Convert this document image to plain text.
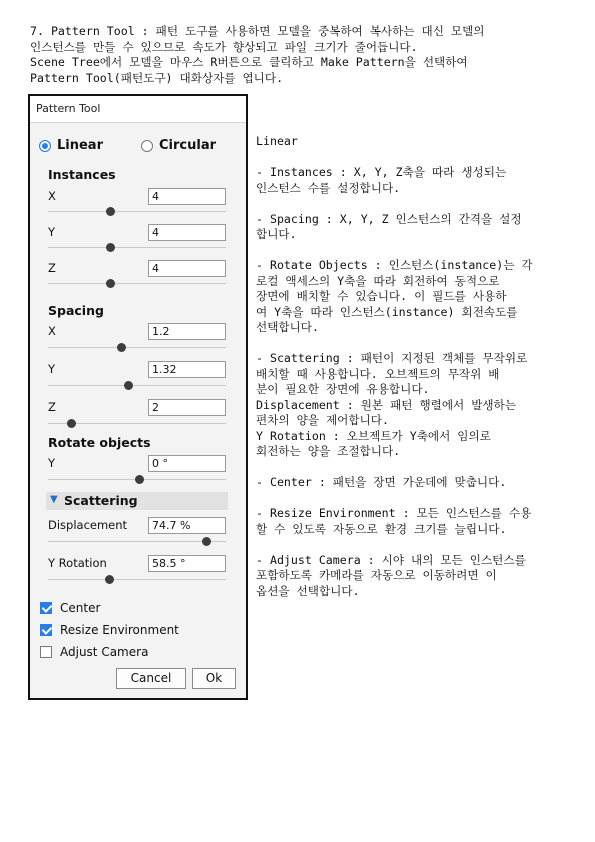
7. Pattern Tool : 패턴 도구를 사용하면 모델을 중복하여 복사하는 대신 모델의

인스턴스를 만들 수 있으므로 속도가 향상되고 파일 크기가 줄어듭니다.

Scene Tree에서 모델을 마우스 R버튼으로 클릭하고 Make Pattern을 선택하여

Pattern Tool(패턴도구) 대화상자를 엽니다.

Pattern Tool
Linear	Circular
Instances
X	4
Y	4
Z	4
Spacing
X	1.2
Y	1.32
Z	2
Rotate objects
Y	0 °
▼ Scattering
Displacement	74.7 %
Y Rotation	58.5 °
Center
Resize Environment
Adjust Camera
Cancel	Ok

Linear

- Instances : X, Y, Z축을 따라 생성되는

인스턴스 수를 설정합니다.

- Spacing : X, Y, Z 인스턴스의 간격을 설정

합니다.

- Rotate Objects : 인스턴스(instance)는 각

로컬 액세스의 Y축을 따라 회전하여 동적으로

장면에 배치할 수 있습니다. 이 필드를 사용하

여 Y축을 따라 인스턴스(instance) 회전속도를

선택합니다.

- Scattering : 패턴이 지정된 객체를 무작위로

배치할 때 사용합니다. 오브젝트의 무작위 배

분이 필요한 장면에 유용합니다.

Displacement : 원본 패턴 행렬에서 발생하는

편차의 양을 제어합니다.

Y Rotation : 오브젝트가 Y축에서 임의로

회전하는 양을 조절합니다.

- Center : 패턴을 장면 가운데에 맞춥니다.

- Resize Environment : 모든 인스턴스를 수용

할 수 있도록 자동으로 환경 크기를 늘립니다.

- Adjust Camera : 시야 내의 모든 인스턴스를

포함하도록 카메라를 자동으로 이동하려면 이

옵션을 선택합니다.
